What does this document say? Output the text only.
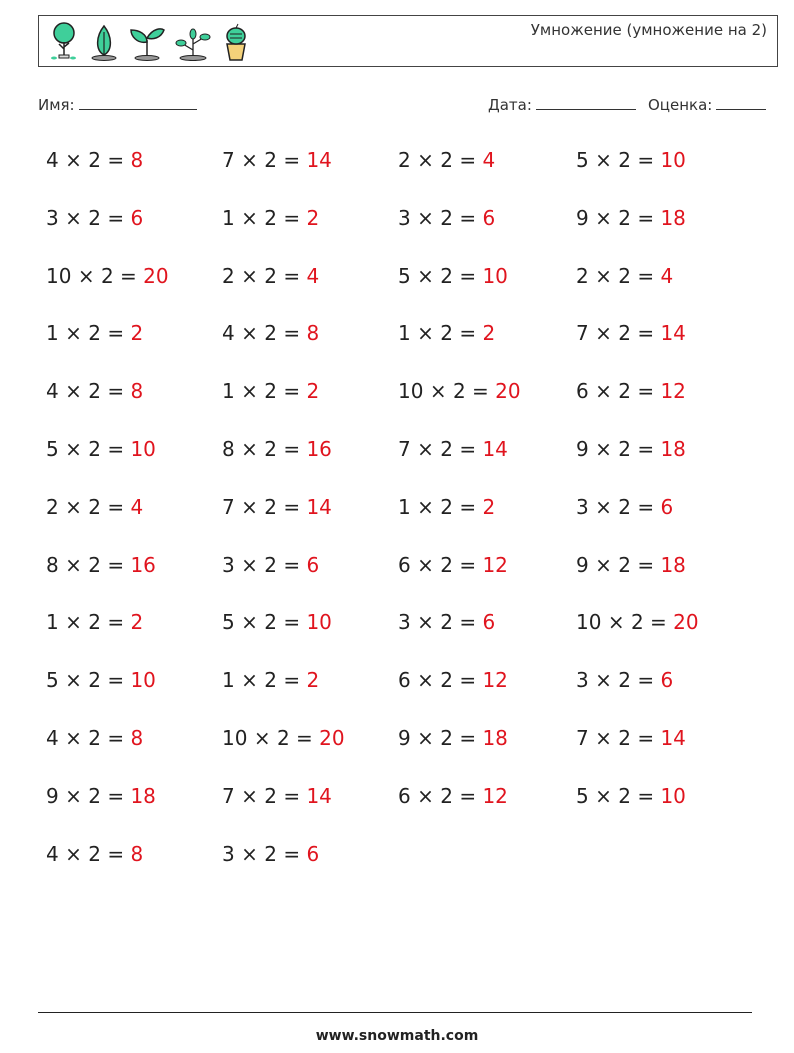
Умножение (умножение на 2)
Имя:	Дата:	Оценка:
4 × 2 = 8	7 × 2 = 14	2 × 2 = 4	5 × 2 = 10
3 × 2 = 6	1 × 2 = 2	3 × 2 = 6	9 × 2 = 18
10 × 2 = 20	2 × 2 = 4	5 × 2 = 10	2 × 2 = 4
1 × 2 = 2	4 × 2 = 8	1 × 2 = 2	7 × 2 = 14
4 × 2 = 8	1 × 2 = 2	10 × 2 = 20	6 × 2 = 12
5 × 2 = 10	8 × 2 = 16	7 × 2 = 14	9 × 2 = 18
2 × 2 = 4	7 × 2 = 14	1 × 2 = 2	3 × 2 = 6
8 × 2 = 16	3 × 2 = 6	6 × 2 = 12	9 × 2 = 18
1 × 2 = 2	5 × 2 = 10	3 × 2 = 6	10 × 2 = 20
5 × 2 = 10	1 × 2 = 2	6 × 2 = 12	3 × 2 = 6
4 × 2 = 8	10 × 2 = 20	9 × 2 = 18	7 × 2 = 14
9 × 2 = 18	7 × 2 = 14	6 × 2 = 12	5 × 2 = 10
4 × 2 = 8	3 × 2 = 6
www.snowmath.com
